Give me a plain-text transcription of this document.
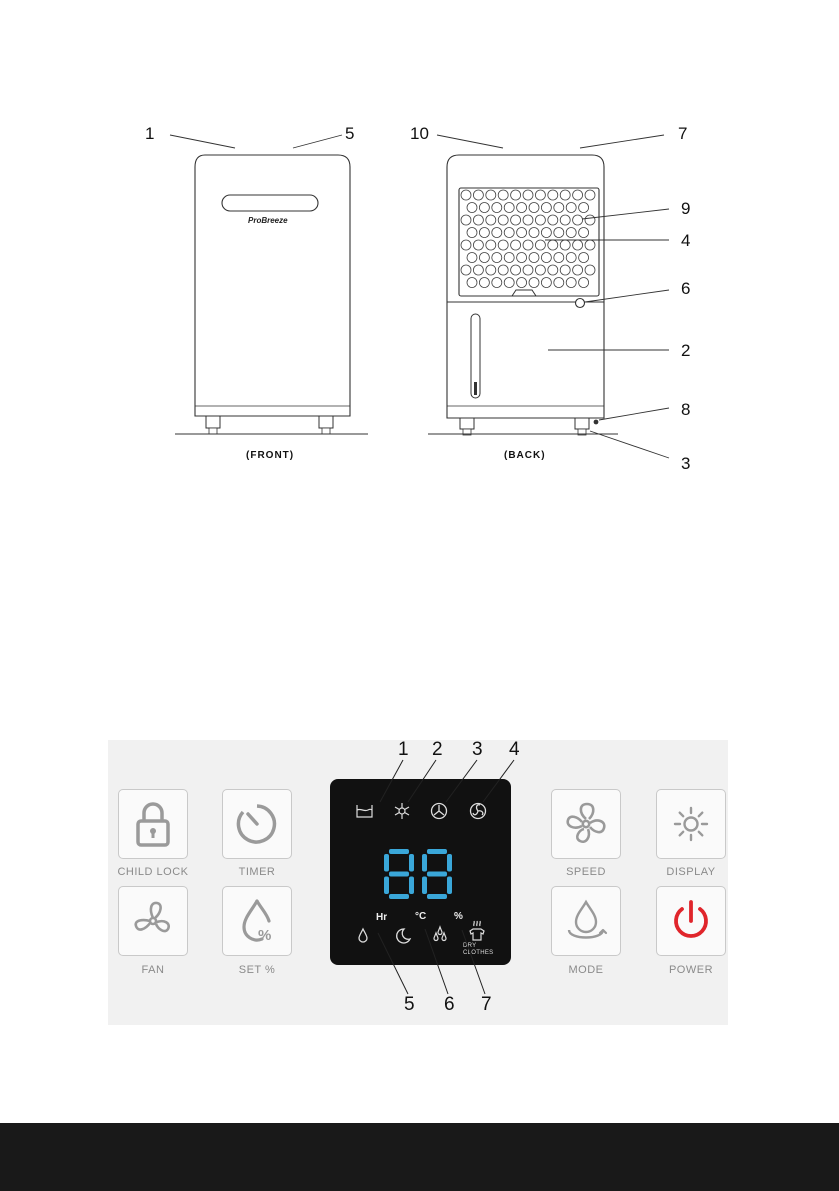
ProBreeze
1	5	10	7
9
4
6
2
8
3
(FRONT)	(BACK)
CHILD LOCK	TIMER
FAN
%
SET %
SPEED	DISPLAY
MODE	POWER
Hr	°C	%
DRY
CLOTHES
1 2 3 4
5 6 7
